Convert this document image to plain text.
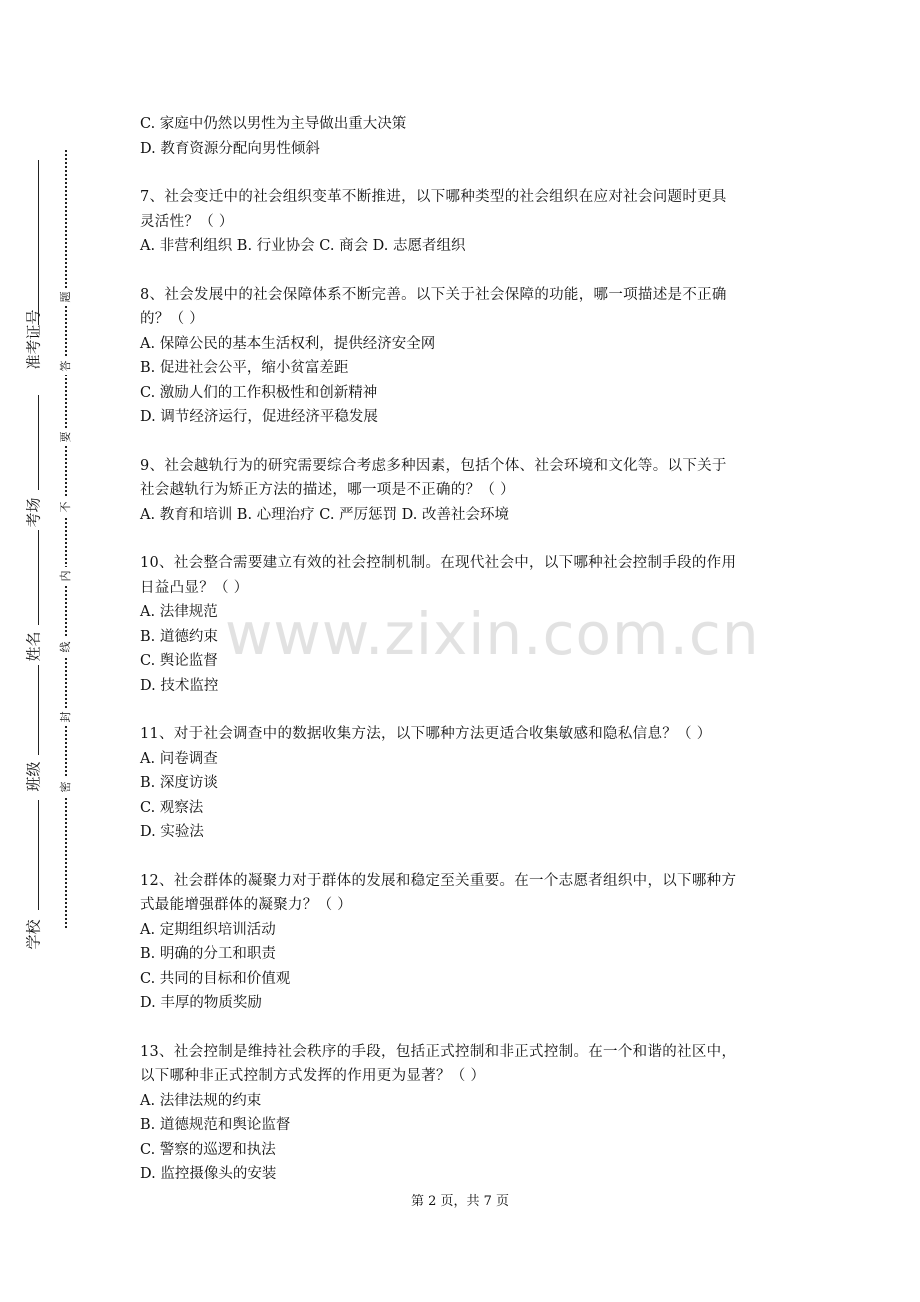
准考证号
考场
姓名
班级
学校
题
答
要
不
内
线
封
密
www.zixin.com.cn
C. 家庭中仍然以男性为主导做出重大决策
D. 教育资源分配向男性倾斜
7、社会变迁中的社会组织变革不断推进，以下哪种类型的社会组织在应对社会问题时更具
灵活性？（ ）
A. 非营利组织 B. 行业协会 C. 商会 D. 志愿者组织
8、社会发展中的社会保障体系不断完善。以下关于社会保障的功能，哪一项描述是不正确
的？（ ）
A. 保障公民的基本生活权利，提供经济安全网
B. 促进社会公平，缩小贫富差距
C. 激励人们的工作积极性和创新精神
D. 调节经济运行，促进经济平稳发展
9、社会越轨行为的研究需要综合考虑多种因素，包括个体、社会环境和文化等。以下关于
社会越轨行为矫正方法的描述，哪一项是不正确的？（ ）
A. 教育和培训 B. 心理治疗 C. 严厉惩罚 D. 改善社会环境
10、社会整合需要建立有效的社会控制机制。在现代社会中，以下哪种社会控制手段的作用
日益凸显？（ ）
A. 法律规范
B. 道德约束
C. 舆论监督
D. 技术监控
11、对于社会调查中的数据收集方法，以下哪种方法更适合收集敏感和隐私信息？（ ）
A. 问卷调查
B. 深度访谈
C. 观察法
D. 实验法
12、社会群体的凝聚力对于群体的发展和稳定至关重要。在一个志愿者组织中，以下哪种方
式最能增强群体的凝聚力？（ ）
A. 定期组织培训活动
B. 明确的分工和职责
C. 共同的目标和价值观
D. 丰厚的物质奖励
13、社会控制是维持社会秩序的手段，包括正式控制和非正式控制。在一个和谐的社区中，
以下哪种非正式控制方式发挥的作用更为显著？（ ）
A. 法律法规的约束
B. 道德规范和舆论监督
C. 警察的巡逻和执法
D. 监控摄像头的安装
第 2 页，共 7 页
